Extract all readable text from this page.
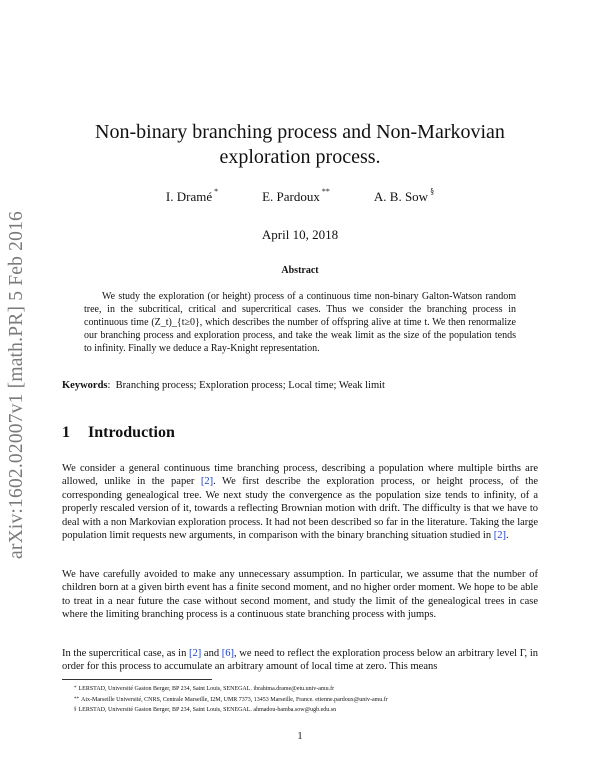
arXiv:1602.02007v1 [math.PR] 5 Feb 2016
Non-binary branching process and Non-Markovian
exploration process.
I. Dramé *	E. Pardoux **	A. B. Sow §
April 10, 2018
Abstract

We study the exploration (or height) process of a continuous time non-binary Galton-Watson random tree, in the subcritical, critical and supercritical cases. Thus we consider the branching process in continuous time (Z_t)_{t≥0}, which describes the number of offspring alive at time t. We then renormalize our branching process and exploration process, and take the weak limit as the size of the population tends to infinity. Finally we deduce a Ray-Knight representation.

Keywords:  Branching process; Exploration process; Local time; Weak limit
1 Introduction

We consider a general continuous time branching process, describing a population where multiple births are allowed, unlike in the paper [2]. We first describe the exploration process, or height process, of the corresponding genealogical tree. We next study the convergence as the population size tends to infinity, of a properly rescaled version of it, towards a reflecting Brownian motion with drift. The difficulty is that we have to deal with a non Markovian exploration process. It had not been described so far in the literature. Taking the large population limit requests new arguments, in comparison with the binary branching situation studied in [2].

We have carefully avoided to make any unnecessary assumption. In particular, we assume that the number of children born at a given birth event has a finite second moment, and no higher order moment. We hope to be able to treat in a near future the case without second moment, and study the limit of the genealogical trees in case where the limiting branching process is a continuous state branching process with jumps.

In the supercritical case, as in [2] and [6], we need to reflect the exploration process below an arbitrary level Γ, in order for this process to accumulate an arbitrary amount of local time at zero. This means

* LERSTAD, Université Gaston Berger, BP 234, Saint Louis, SENEGAL. ibrahima.drame@etu.univ-amu.fr
** Aix-Marseille Université, CNRS, Centrale Marseille, I2M, UMR 7373, 13453 Marseille, France. etienne.pardoux@univ-amu.fr
§ LERSTAD, Université Gaston Berger, BP 234, Saint Louis, SENEGAL. ahmadou-bamba.sow@ugb.edu.sn
1
